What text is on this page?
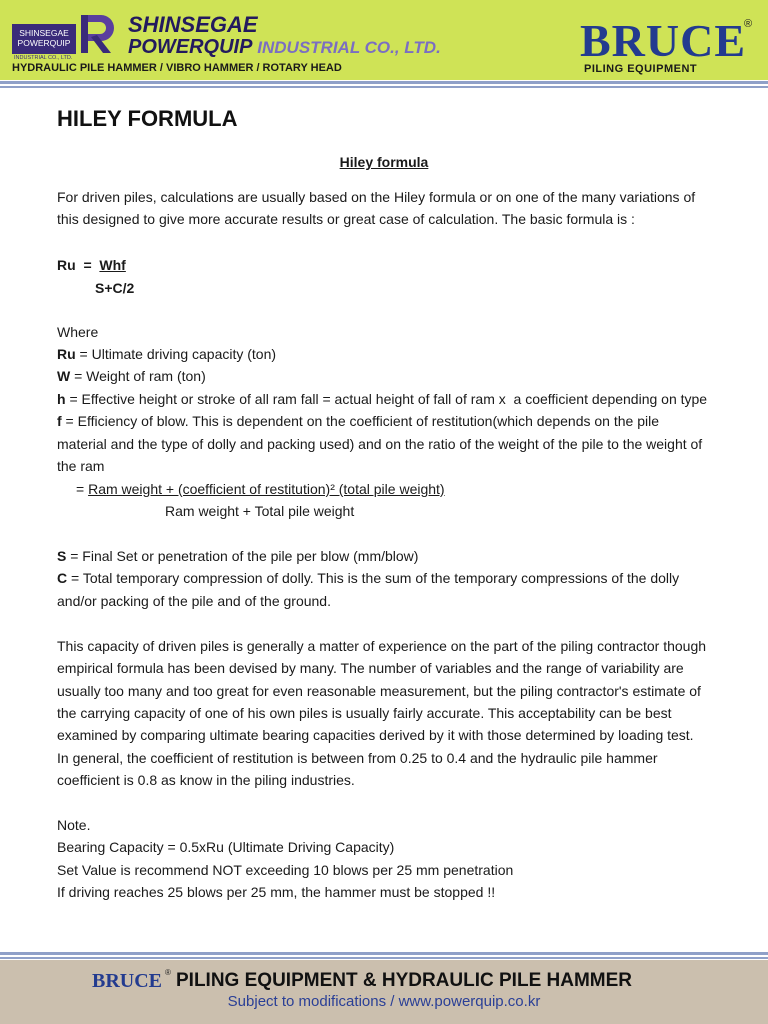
SHINSEGAE
POWERQUIP
INDUSTRIAL CO., LTD.
SHINSEGAE
POWERQUIP INDUSTRIAL CO., LTD.
HYDRAULIC PILE HAMMER / VIBRO HAMMER / ROTARY HEAD
BRUCE
®
PILING EQUIPMENT
HILEY FORMULA
Hiley formula
For driven piles, calculations are usually based on the Hiley formula or on one of the many variations of
this designed to give more accurate results or great case of calculation. The basic formula is :
Ru  =  Whf
S+C/2
Where
Ru = Ultimate driving capacity (ton)
W = Weight of ram (ton)
h = Effective height or stroke of all ram fall = actual height of fall of ram x  a coefficient depending on type
f = Efficiency of blow. This is dependent on the coefficient of restitution(which depends on the pile
material and the type of dolly and packing used) and on the ratio of the weight of the pile to the weight of
the ram
= Ram weight + (coefficient of restitution)² (total pile weight)
Ram weight + Total pile weight
S = Final Set or penetration of the pile per blow (mm/blow)
C = Total temporary compression of dolly. This is the sum of the temporary compressions of the dolly
and/or packing of the pile and of the ground.
This capacity of driven piles is generally a matter of experience on the part of the piling contractor though
empirical formula has been devised by many. The number of variables and the range of variability are
usually too many and too great for even reasonable measurement, but the piling contractor's estimate of
the carrying capacity of one of his own piles is usually fairly accurate. This acceptability can be best
examined by comparing ultimate bearing capacities derived by it with those determined by loading test.
In general, the coefficient of restitution is between from 0.25 to 0.4 and the hydraulic pile hammer
coefficient is 0.8 as know in the piling industries.
Note.
Bearing Capacity = 0.5xRu (Ultimate Driving Capacity)
Set Value is recommend NOT exceeding 10 blows per 25 mm penetration
If driving reaches 25 blows per 25 mm, the hammer must be stopped !!
BRUCE ® PILING EQUIPMENT & HYDRAULIC PILE HAMMER
Subject to modifications / www.powerquip.co.kr
